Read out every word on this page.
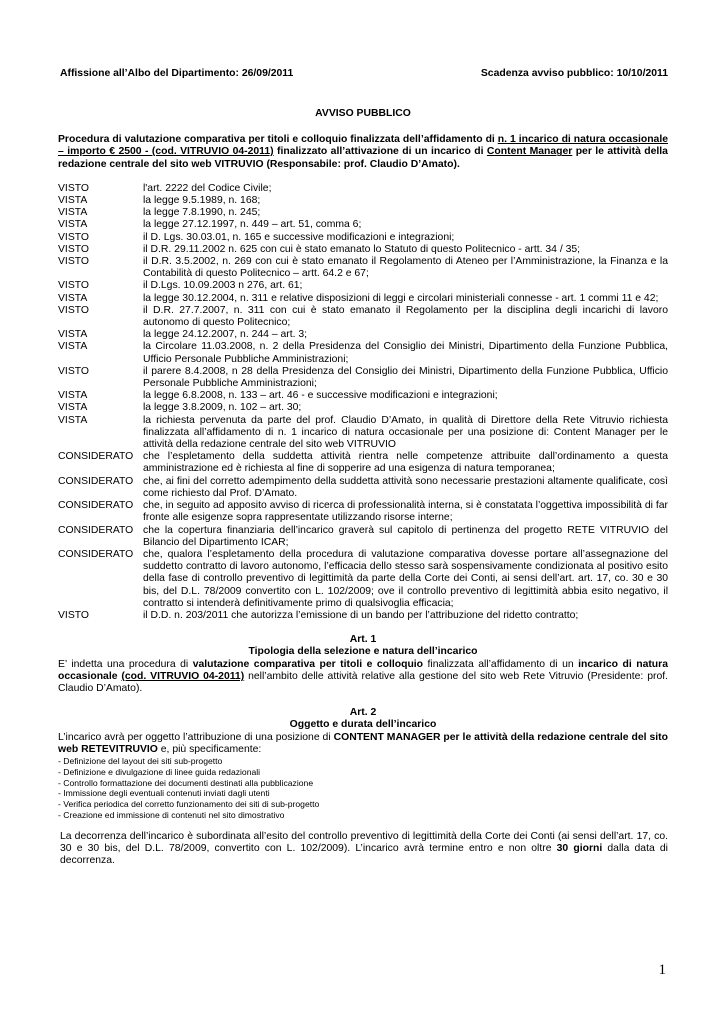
Affissione all’Albo del Dipartimento: 26/09/2011	Scadenza avviso pubblico: 10/10/2011
AVVISO PUBBLICO
Procedura di valutazione comparativa per titoli e colloquio finalizzata dell’affidamento di n. 1 incarico di natura occasionale – importo € 2500 - (cod. VITRUVIO 04-2011) finalizzato all’attivazione di un incarico di Content Manager per le attività della redazione centrale del sito web VITRUVIO (Responsabile: prof. Claudio D’Amato).
VISTO	l'art. 2222 del Codice Civile;
VISTA	la legge 9.5.1989, n. 168;
VISTA	la legge 7.8.1990, n. 245;
VISTA	la legge 27.12.1997, n. 449 – art. 51, comma 6;
VISTO	il D. Lgs. 30.03.01, n. 165 e successive modificazioni e integrazioni;
VISTO	il D.R. 29.11.2002 n. 625 con cui è stato emanato lo Statuto di questo Politecnico - artt. 34 / 35;
VISTO	il D.R. 3.5.2002, n. 269 con cui è stato emanato il Regolamento di Ateneo per l’Amministrazione, la Finanza e la Contabilità di questo Politecnico – artt. 64.2 e 67;
VISTO	il D.Lgs. 10.09.2003 n 276, art. 61;
VISTA	la legge 30.12.2004, n. 311 e relative disposizioni di leggi e circolari ministeriali connesse - art. 1 commi 11 e 42;
VISTO	il D.R. 27.7.2007, n. 311 con cui è stato emanato il Regolamento per la disciplina degli incarichi di lavoro autonomo di questo Politecnico;
VISTA	la legge 24.12.2007, n. 244 – art. 3;
VISTA	la Circolare 11.03.2008, n. 2 della Presidenza del Consiglio dei Ministri, Dipartimento della Funzione Pubblica, Ufficio Personale Pubbliche Amministrazioni;
VISTO	il parere 8.4.2008, n 28 della Presidenza del Consiglio dei Ministri, Dipartimento della Funzione Pubblica, Ufficio Personale Pubbliche Amministrazioni;
VISTA	la legge 6.8.2008, n. 133 – art. 46 - e successive modificazioni e integrazioni;
VISTA	la legge 3.8.2009, n. 102 – art. 30;
VISTA	la richiesta pervenuta da parte del prof. Claudio D’Amato, in qualità di Direttore della Rete Vitruvio richiesta finalizzata all’affidamento di n. 1 incarico di natura occasionale per una posizione di: Content Manager per le attività della redazione centrale del sito web VITRUVIO
CONSIDERATO che l’espletamento della suddetta attività rientra nelle competenze attribuite dall’ordinamento a questa amministrazione ed è richiesta al fine di sopperire ad una esigenza di natura temporanea;
CONSIDERATO che, ai fini del corretto adempimento della suddetta attività sono necessarie prestazioni altamente qualificate, così come richiesto dal Prof. D’Amato.
CONSIDERATO che, in seguito ad apposito avviso di ricerca di professionalità interna, si è constatata l’oggettiva impossibilità di far fronte alle esigenze sopra rappresentate utilizzando risorse interne;
CONSIDERATO che la copertura finanziaria dell’incarico graverà sul capitolo di pertinenza del progetto RETE VITRUVIO del Bilancio del Dipartimento ICAR;
CONSIDERATO che, qualora l’espletamento della procedura di valutazione comparativa dovesse portare all’assegnazione del suddetto contratto di lavoro autonomo, l’efficacia dello stesso sarà sospensivamente condizionata al positivo esito della fase di controllo preventivo di legittimità da parte della Corte dei Conti, ai sensi dell’art. art. 17, co. 30 e 30 bis, del D.L. 78/2009 convertito con L. 102/2009; ove il controllo preventivo di legittimità abbia esito negativo, il contratto si intenderà definitivamente primo di qualsivoglia efficacia;
VISTO	il D.D. n. 203/2011 che autorizza l’emissione di un bando per l’attribuzione del ridetto contratto;
Art. 1
Tipologia della selezione e natura dell’incarico
E’ indetta una procedura di valutazione comparativa per titoli e colloquio finalizzata all’affidamento di un incarico di natura occasionale (cod. VITRUVIO 04-2011) nell’ambito delle attività relative alla gestione del sito web Rete Vitruvio (Presidente: prof. Claudio D’Amato).
Art. 2
Oggetto e durata dell’incarico
L’incarico avrà per oggetto l’attribuzione di una posizione di CONTENT MANAGER per le attività della redazione centrale del sito web RETEVITRUVIO e, più specificamente:
- Definizione del layout dei siti sub-progetto
- Definizione e divulgazione di linee guida redazionali
- Controllo formattazione dei documenti destinati alla pubblicazione
- Immissione degli eventuali contenuti inviati dagli utenti
- Verifica periodica del corretto funzionamento dei siti di sub-progetto
- Creazione ed immissione di contenuti nel sito dimostrativo
La decorrenza dell’incarico è subordinata all’esito del controllo preventivo di legittimità della Corte dei Conti (ai sensi dell’art. 17, co. 30 e 30 bis, del D.L. 78/2009, convertito con L. 102/2009). L’incarico avrà termine entro e non oltre 30 giorni dalla data di decorrenza.
1
